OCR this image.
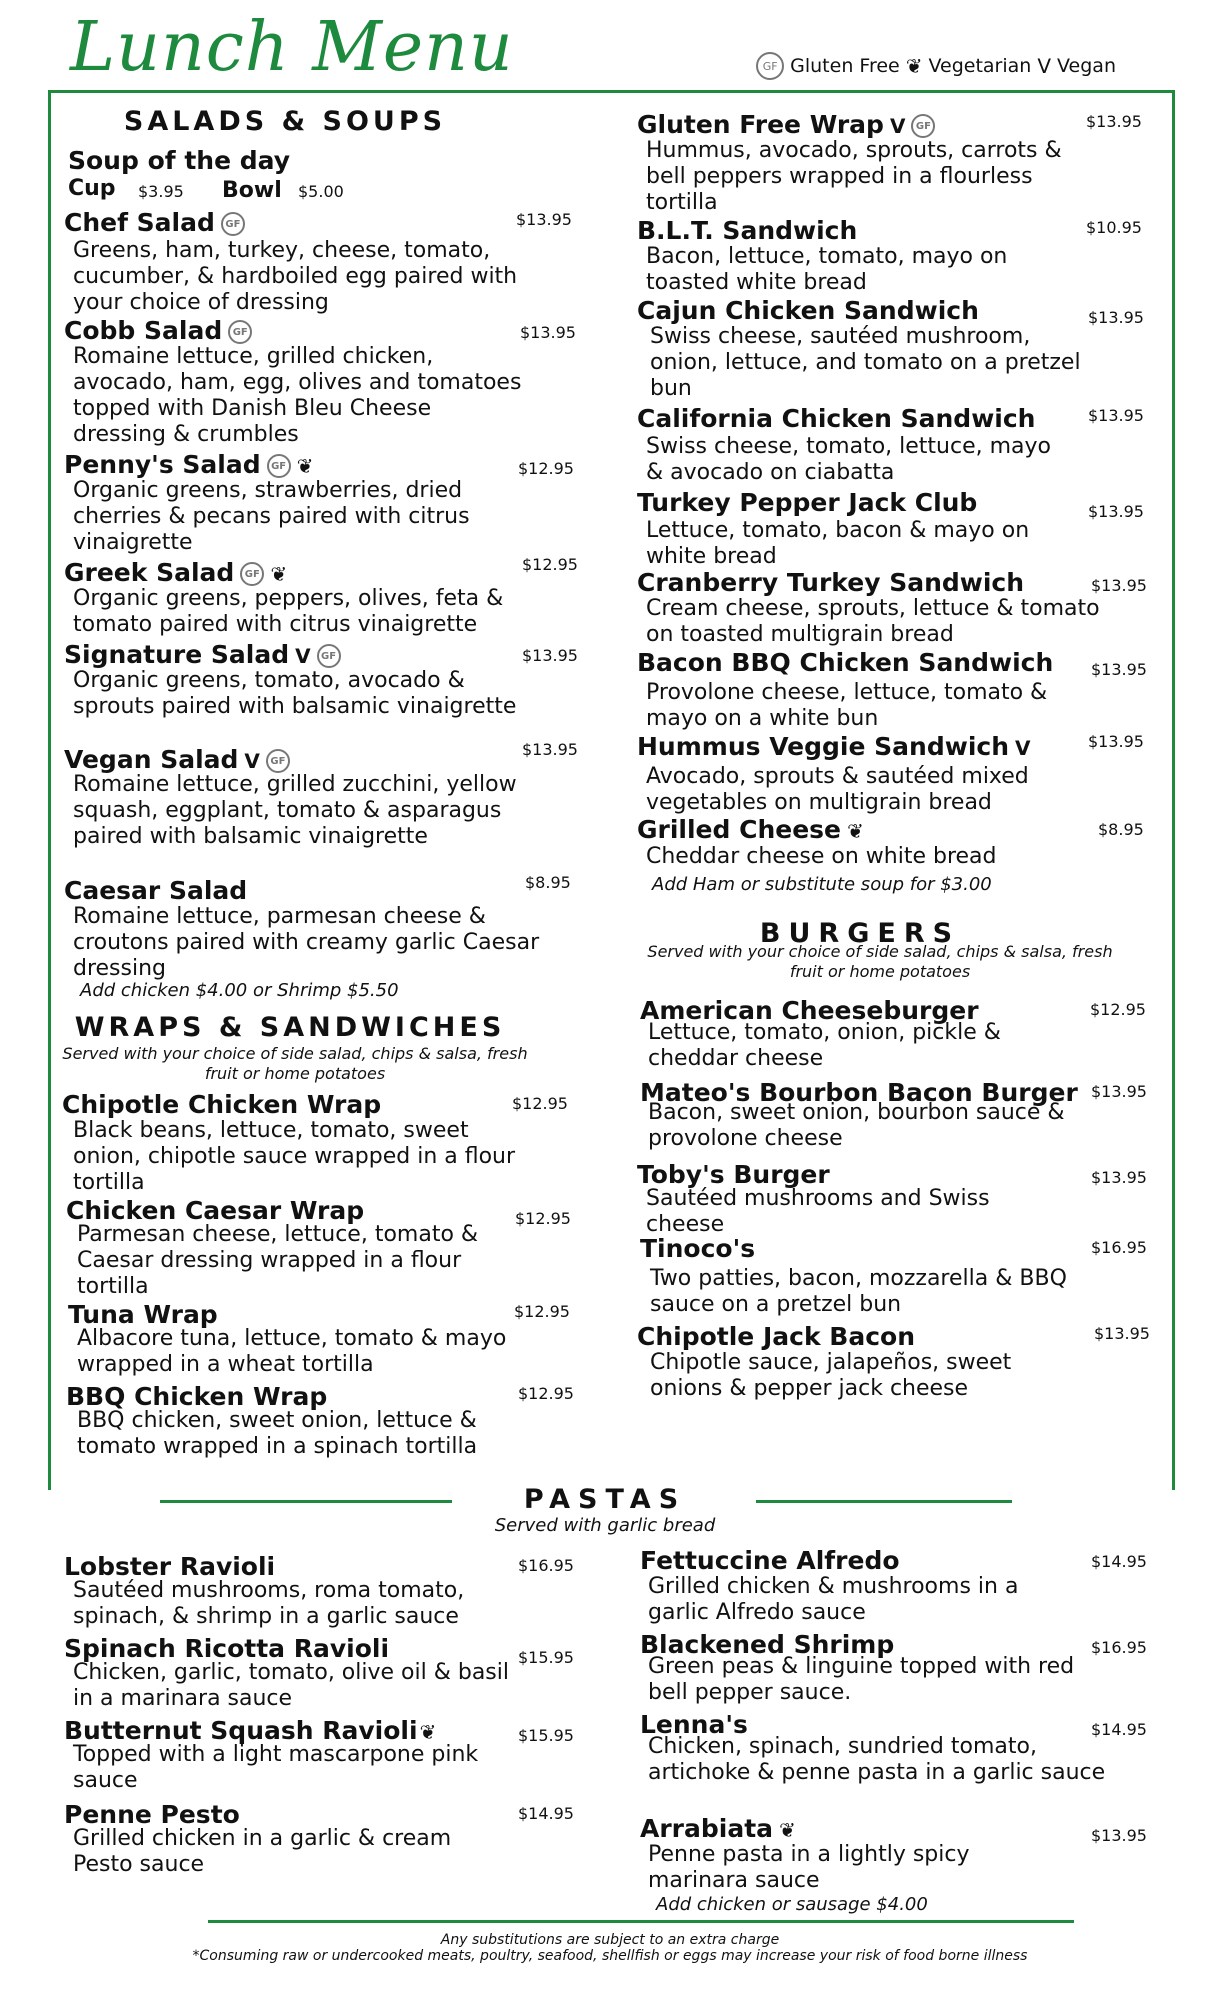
Lunch Menu	GF Gluten Free ❦ Vegetarian ⴸ Vegan
SALADS & SOUPS
Soup of the day
Cup $3.95 Bowl $5.00
Chef Salad	GF	$13.95
Greens, ham, turkey, cheese, tomato, cucumber, & hardboiled egg paired with your choice of dressing
Cobb Salad	GF	$13.95
Romaine lettuce, grilled chicken, avocado, ham, egg, olives and tomatoes topped with Danish Bleu Cheese dressing & crumbles
Penny's Salad	GF ❦	$12.95
Organic greens, strawberries, dried cherries & pecans paired with citrus vinaigrette
Greek Salad	GF ❦	$12.95
Organic greens, peppers, olives, feta & tomato paired with citrus vinaigrette
Signature Salad ⴸ	GF	$13.95
Organic greens, tomato, avocado & sprouts paired with balsamic vinaigrette
Vegan Salad ⴸ	GF
$13.95
Romaine lettuce, grilled zucchini, yellow squash, eggplant, tomato & asparagus paired with balsamic vinaigrette
Caesar Salad	$8.95
Romaine lettuce, parmesan cheese & croutons paired with creamy garlic Caesar dressing
Add chicken $4.00 or Shrimp $5.50
WRAPS & SANDWICHES
Served with your choice of side salad, chips & salsa, fresh fruit or home potatoes
Chipotle Chicken Wrap	$12.95
Black beans, lettuce, tomato, sweet onion, chipotle sauce wrapped in a flour tortilla
Chicken Caesar Wrap	$12.95
Parmesan cheese, lettuce, tomato & Caesar dressing wrapped in a flour tortilla
Tuna Wrap	$12.95
Albacore tuna, lettuce, tomato & mayo wrapped in a wheat tortilla
BBQ Chicken Wrap	$12.95
BBQ chicken, sweet onion, lettuce & tomato wrapped in a spinach tortilla
Gluten Free Wrap ⴸ	GF	$13.95
Hummus, avocado, sprouts, carrots & bell peppers wrapped in a flourless tortilla
B.L.T. Sandwich	$10.95
Bacon, lettuce, tomato, mayo on toasted white bread
Cajun Chicken Sandwich	$13.95
Swiss cheese, sautéed mushroom, onion, lettuce, and tomato on a pretzel bun
California Chicken Sandwich	$13.95
Swiss cheese, tomato, lettuce, mayo & avocado on ciabatta
Turkey Pepper Jack Club	$13.95
Lettuce, tomato, bacon & mayo on white bread
Cranberry Turkey Sandwich	$13.95
Cream cheese, sprouts, lettuce & tomato on toasted multigrain bread
Bacon BBQ Chicken Sandwich $13.95
Provolone cheese, lettuce, tomato & mayo on a white bun
Hummus Veggie Sandwich ⴸ	$13.95
Avocado, sprouts & sautéed mixed vegetables on multigrain bread
Grilled Cheese ❦	$8.95
Cheddar cheese on white bread
Add Ham or substitute soup for $3.00
BURGERS
Served with your choice of side salad, chips & salsa, fresh fruit or home potatoes
American Cheeseburger	$12.95
Lettuce, tomato, onion, pickle & cheddar cheese
Mateo's Bourbon Bacon Burger $13.95
Bacon, sweet onion, bourbon sauce & provolone cheese
Toby's Burger	$13.95
Sautéed mushrooms and Swiss cheese
Tinoco's	$16.95
Two patties, bacon, mozzarella & BBQ sauce on a pretzel bun
Chipotle Jack Bacon	$13.95
Chipotle sauce, jalapeños, sweet onions & pepper jack cheese
PASTAS
Served with garlic bread
Lobster Ravioli	$16.95
Sautéed mushrooms, roma tomato, spinach, & shrimp in a garlic sauce
Spinach Ricotta Ravioli	$15.95
Chicken, garlic, tomato, olive oil & basil in a marinara sauce
Butternut Squash Ravioli ❦	$15.95
Topped with a light mascarpone pink sauce
Penne Pesto	$14.95
Grilled chicken in a garlic & cream Pesto sauce
Fettuccine Alfredo	$14.95
Grilled chicken & mushrooms in a garlic Alfredo sauce
Blackened Shrimp	$16.95
Green peas & linguine topped with red bell pepper sauce.
Lenna's	$14.95
Chicken, spinach, sundried tomato, artichoke & penne pasta in a garlic sauce
Arrabiata ❦	$13.95
Penne pasta in a lightly spicy marinara sauce
Add chicken or sausage $4.00
Any substitutions are subject to an extra charge
*Consuming raw or undercooked meats, poultry, seafood, shellfish or eggs may increase your risk of food borne illness
